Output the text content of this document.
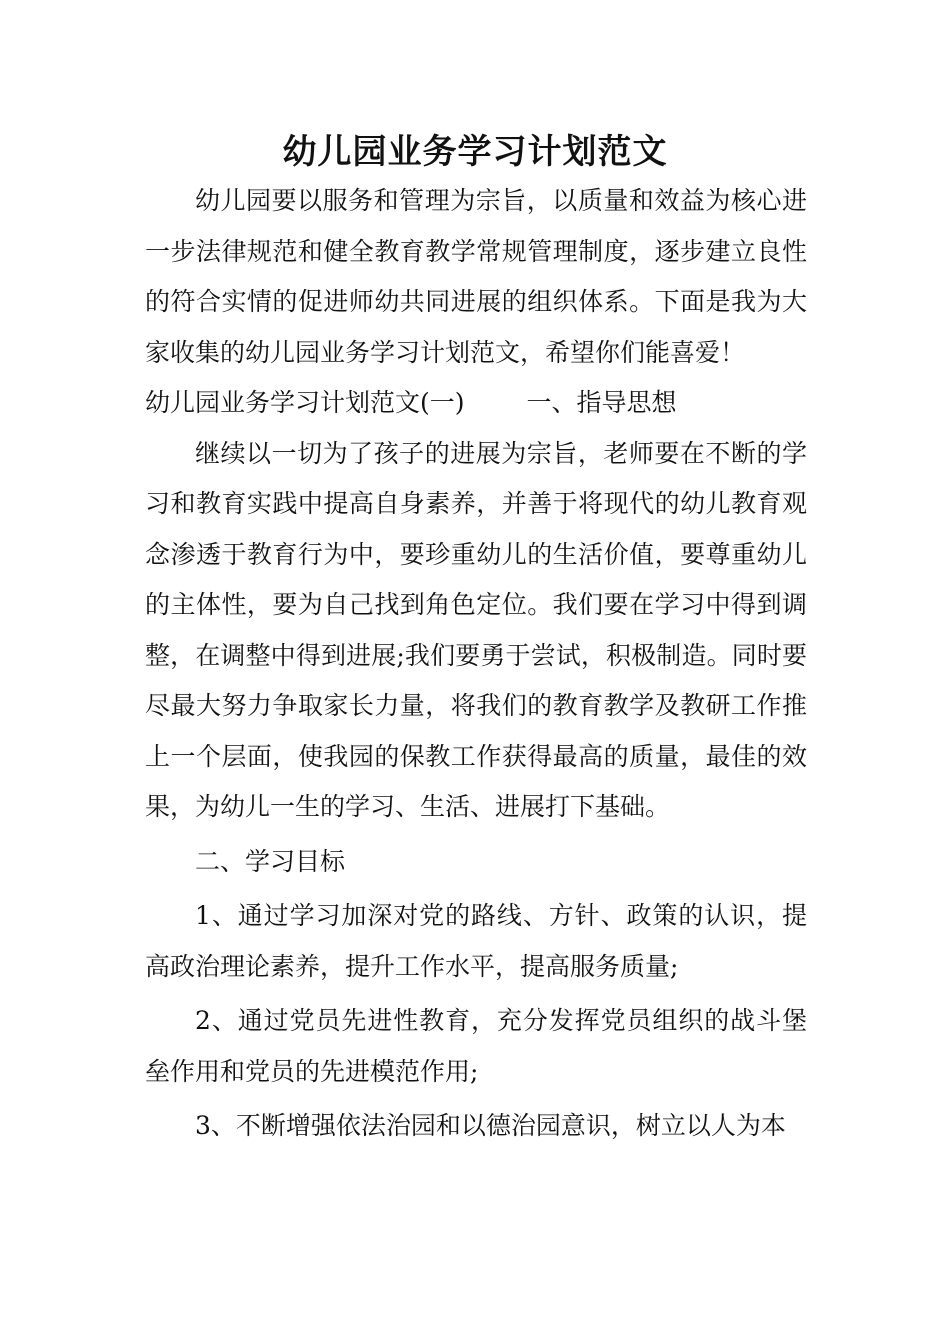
幼儿园业务学习计划范文

幼儿园要以服务和管理为宗旨，以质量和效益为核心进一步法律规范和健全教育教学常规管理制度，逐步建立良性的符合实情的促进师幼共同进展的组织体系。下面是我为大家收集的幼儿园业务学习计划范文，希望你们能喜爱！

幼儿园业务学习计划范文(一) 一、指导思想

继续以一切为了孩子的进展为宗旨，老师要在不断的学习和教育实践中提高自身素养，并善于将现代的幼儿教育观念渗透于教育行为中，要珍重幼儿的生活价值，要尊重幼儿的主体性，要为自己找到角色定位。我们要在学习中得到调整，在调整中得到进展;我们要勇于尝试，积极制造。同时要尽最大努力争取家长力量，将我们的教育教学及教研工作推上一个层面，使我园的保教工作获得最高的质量，最佳的效果，为幼儿一生的学习、生活、进展打下基础。

二、学习目标

1、通过学习加深对党的路线、方针、政策的认识，提高政治理论素养，提升工作水平，提高服务质量;

2、通过党员先进性教育，充分发挥党员组织的战斗堡垒作用和党员的先进模范作用;

3、不断增强依法治园和以德治园意识，树立以人为本
